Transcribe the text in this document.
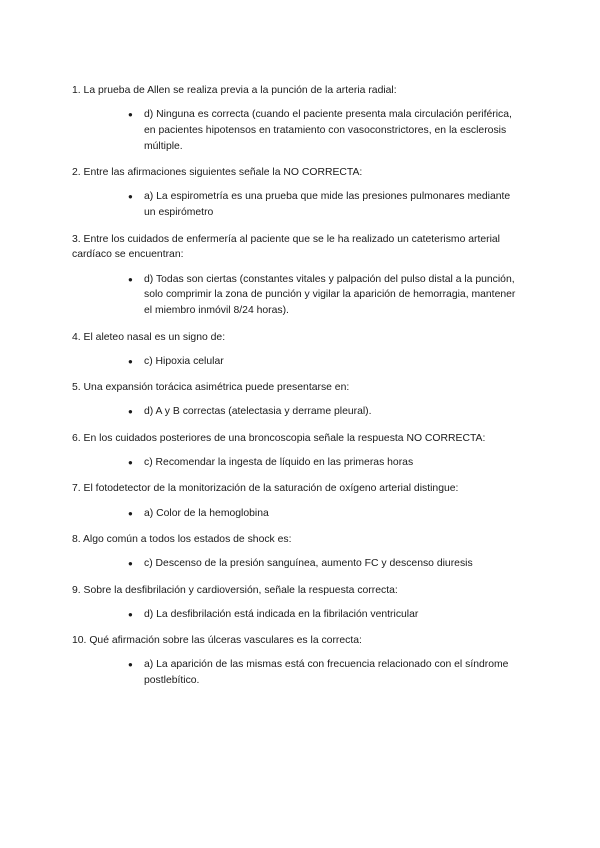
1. La prueba de Allen se realiza previa a la punción de la arteria radial:

● d) Ninguna es correcta (cuando el paciente presenta mala circulación periférica, en pacientes hipotensos en tratamiento con vasoconstrictores, en la esclerosis múltiple.

2. Entre las afirmaciones siguientes señale la NO CORRECTA:

● a) La espirometría es una prueba que mide las presiones pulmonares mediante un espirómetro

3. Entre los cuidados de enfermería al paciente que se le ha realizado un cateterismo arterial cardíaco se encuentran:

● d) Todas son ciertas (constantes vitales y palpación del pulso distal a la punción, solo comprimir la zona de punción y vigilar la aparición de hemorragia, mantener el miembro inmóvil 8/24 horas).

4. El aleteo nasal es un signo de:

● c) Hipoxia celular

5. Una expansión torácica asimétrica puede presentarse en:

● d) A y B correctas (atelectasia y derrame pleural).

6. En los cuidados posteriores de una broncoscopia señale la respuesta NO CORRECTA:

● c) Recomendar la ingesta de líquido en las primeras horas

7. El fotodetector de la monitorización de la saturación de oxígeno arterial distingue:

● a) Color de la hemoglobina

8. Algo común a todos los estados de shock es:

● c) Descenso de la presión sanguínea, aumento FC y descenso diuresis

9. Sobre la desfibrilación y cardioversión, señale la respuesta correcta:

● d) La desfibrilación está indicada en la fibrilación ventricular

10. Qué afirmación sobre las úlceras vasculares es la correcta:

● a) La aparición de las mismas está con frecuencia relacionado con el síndrome postlebítico.
